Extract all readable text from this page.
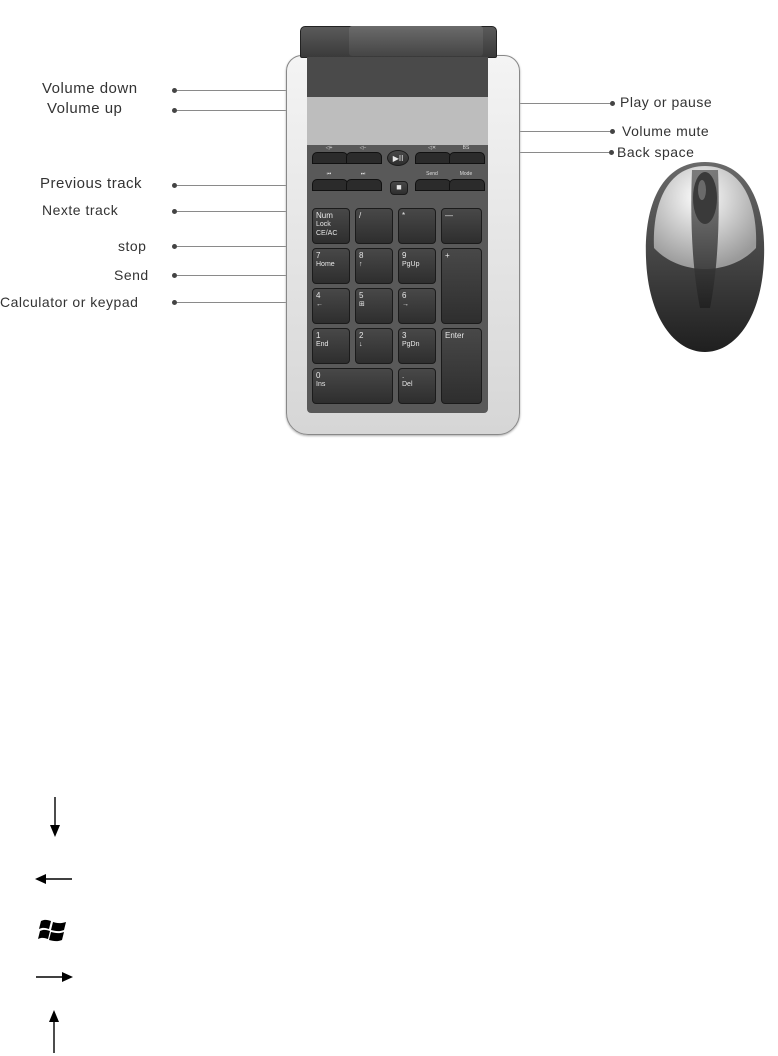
Volume down
Volume up
Previous track
Nexte track
stop
Send
Calculator or keypad
Play or pause
Volume mute
Back space
◁+	◁−
▶II
◁✕	BS
⏮	⏭
■
Send	Mode
Num
Lock
CE/AC
/	*	—
7
Home
8
↑
9
PgUp
+
4
←
5
⊞
6
→
1
End
2
↓
3
PgDn
Enter
0
Ins
.
Del
